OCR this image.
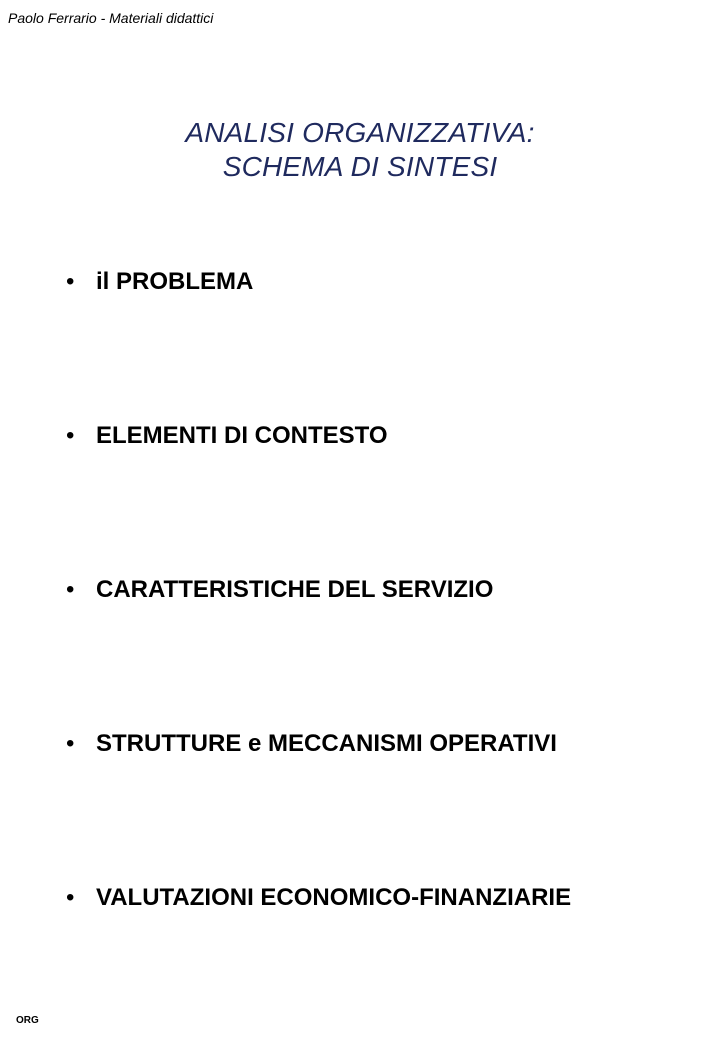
Paolo Ferrario - Materiali didattici
ANALISI ORGANIZZATIVA:
SCHEMA DI SINTESI
• il PROBLEMA
• ELEMENTI DI CONTESTO
• CARATTERISTICHE DEL SERVIZIO
• STRUTTURE e MECCANISMI OPERATIVI
• VALUTAZIONI ECONOMICO-FINANZIARIE
ORG
